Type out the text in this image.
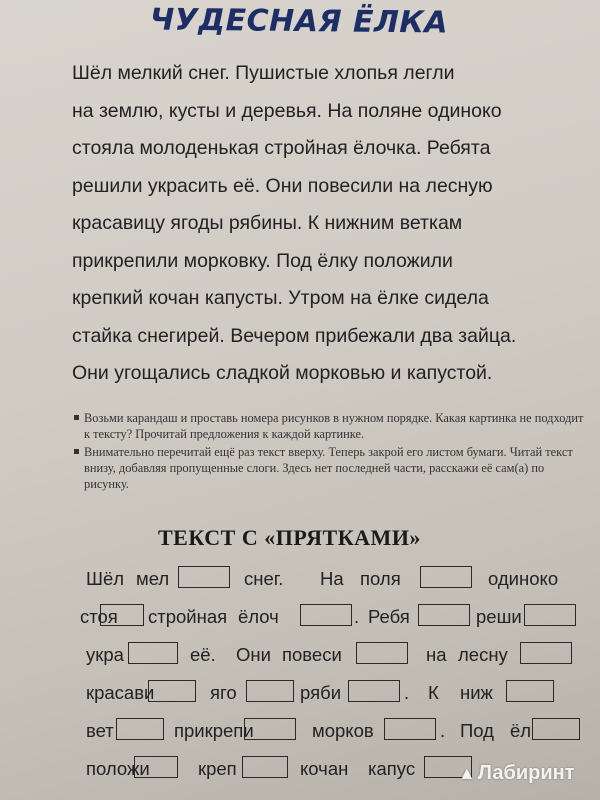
ЧУДЕСНАЯ ЁЛКА
Шёл мелкий снег. Пушистые хлопья легли
на землю, кусты и деревья. На поляне одиноко
стояла молоденькая стройная ёлочка. Ребята
решили украсить её. Они повесили на лесную
красавицу ягоды рябины. К нижним веткам
прикрепили морковку. Под ёлку положили
крепкий кочан капусты. Утром на ёлке сидела
стайка снегирей. Вечером прибежали два зайца.
Они угощались сладкой морковью и капустой.
Возьми карандаш и проставь номера рисунков в нужном порядке. Какая картинка не подходит к тексту? Прочитай предложения к каждой картинке.
Внимательно перечитай ещё раз текст вверху. Теперь закрой его листом бумаги. Читай текст внизу, добавляя пропущенные слоги. Здесь нет последней части, расскажи её сам(а) по рисунку.
ТЕКСТ С «ПРЯТКАМИ»
Шёл мел	снег. На поля	одиноко
стоя стройная ёлоч	. Ребя	реши
укра	её. Они повеси	на лесну
краcави	яго	ряби	. К ниж
вет	прикрепи	морков	. Под ёл
положи	креп	кочан капус ▲ Лабиринт
